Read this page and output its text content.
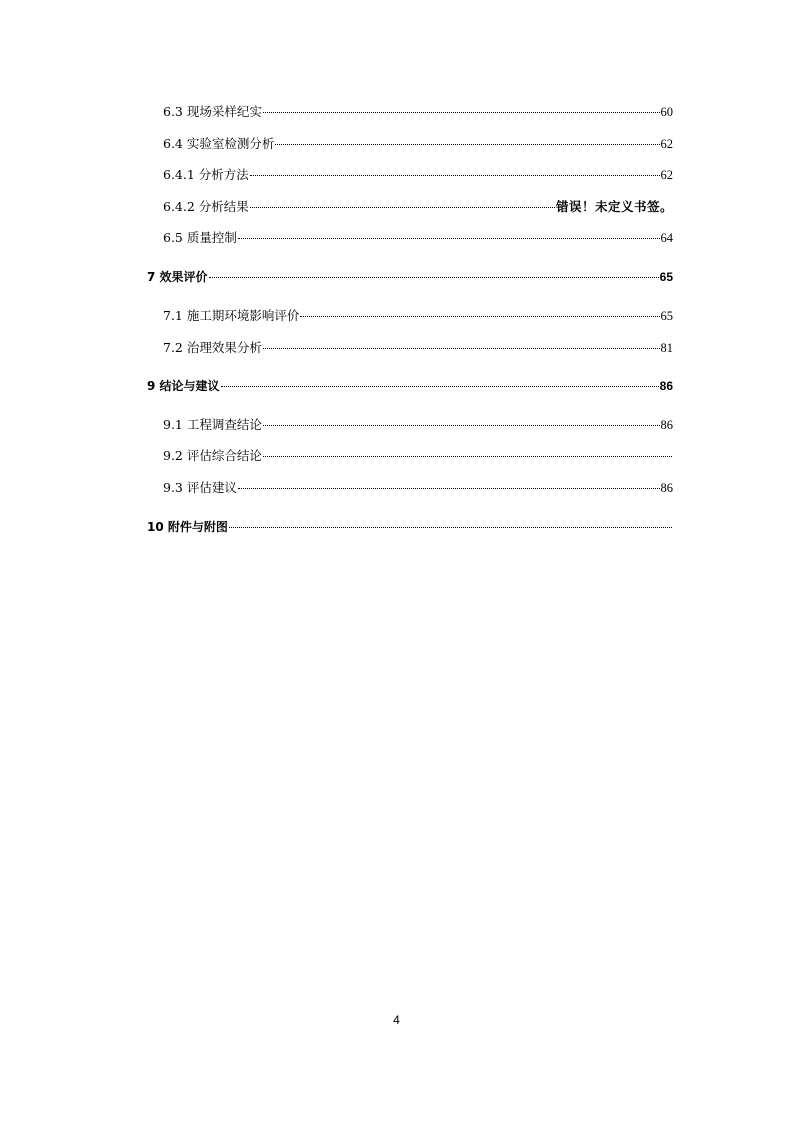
6.3 现场采样纪实	60
6.4 实验室检测分析	62
6.4.1 分析方法	62
6.4.2 分析结果	错误！未定义书签。
6.5 质量控制	64
7 效果评价	65
7.1 施工期环境影响评价	65
7.2 治理效果分析	81
9 结论与建议	86
9.1 工程调查结论	86
9.2 评估综合结论
9.3 评估建议	86
10 附件与附图
4
